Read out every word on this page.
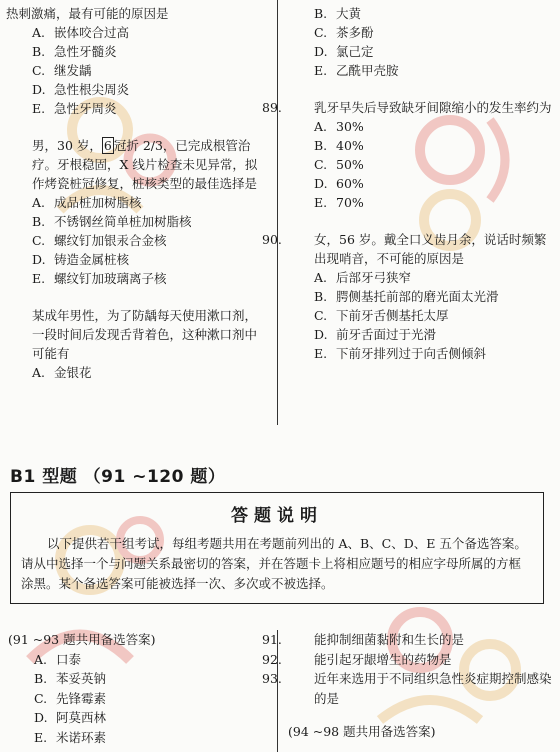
热刺激痛，最有可能的原因是
A. 嵌体咬合过高
B. 急性牙髓炎
C. 继发龋
D. 急性根尖周炎
E. 急性牙周炎
男，30 岁， 6 冠折 2/3，已完成根管治疗。牙根稳固，X 线片检查未见异常，拟作烤瓷桩冠修复，桩核类型的最佳选择是
A. 成品桩加树脂核
B. 不锈钢丝简单桩加树脂核
C. 螺纹钉加银汞合金核
D. 铸造金属桩核
E. 螺纹钉加玻璃离子核
某成年男性，为了防龋每天使用漱口剂，一段时间后发现舌背着色，这种漱口剂中可能有
A. 金银花
B. 大黄
C. 茶多酚
D. 氯己定
E. 乙酰甲壳胺
89.	乳牙早失后导致缺牙间隙缩小的发生率约为
A. 30%
B. 40%
C. 50%
D. 60%
E. 70%
90.	女，56 岁。戴全口义齿月余，说话时频繁出现哨音，不可能的原因是
A. 后部牙弓狭窄
B. 腭侧基托前部的磨光面太光滑
C. 下前牙舌侧基托太厚
D. 前牙舌面过于光滑
E. 下前牙排列过于向舌侧倾斜
B1 型题 （91 ~120 题）
答题说明
以下提供若干组考试，每组考题共用在考题前列出的 A、B、C、D、E 五个备选答案。请从中选择一个与问题关系最密切的答案，并在答题卡上将相应题号的相应字母所属的方框涂黑。某个备选答案可能被选择一次、多次或不被选择。
(91 ~93 题共用备选答案)
A. 口泰
B. 苯妥英钠
C. 先锋霉素
D. 阿莫西林
E. 米诺环素
91.	能抑制细菌黏附和生长的是
92.	能引起牙龈增生的药物是
93.	近年来选用于不同组织急性炎症期控制感染的是
(94 ~98 题共用备选答案)
